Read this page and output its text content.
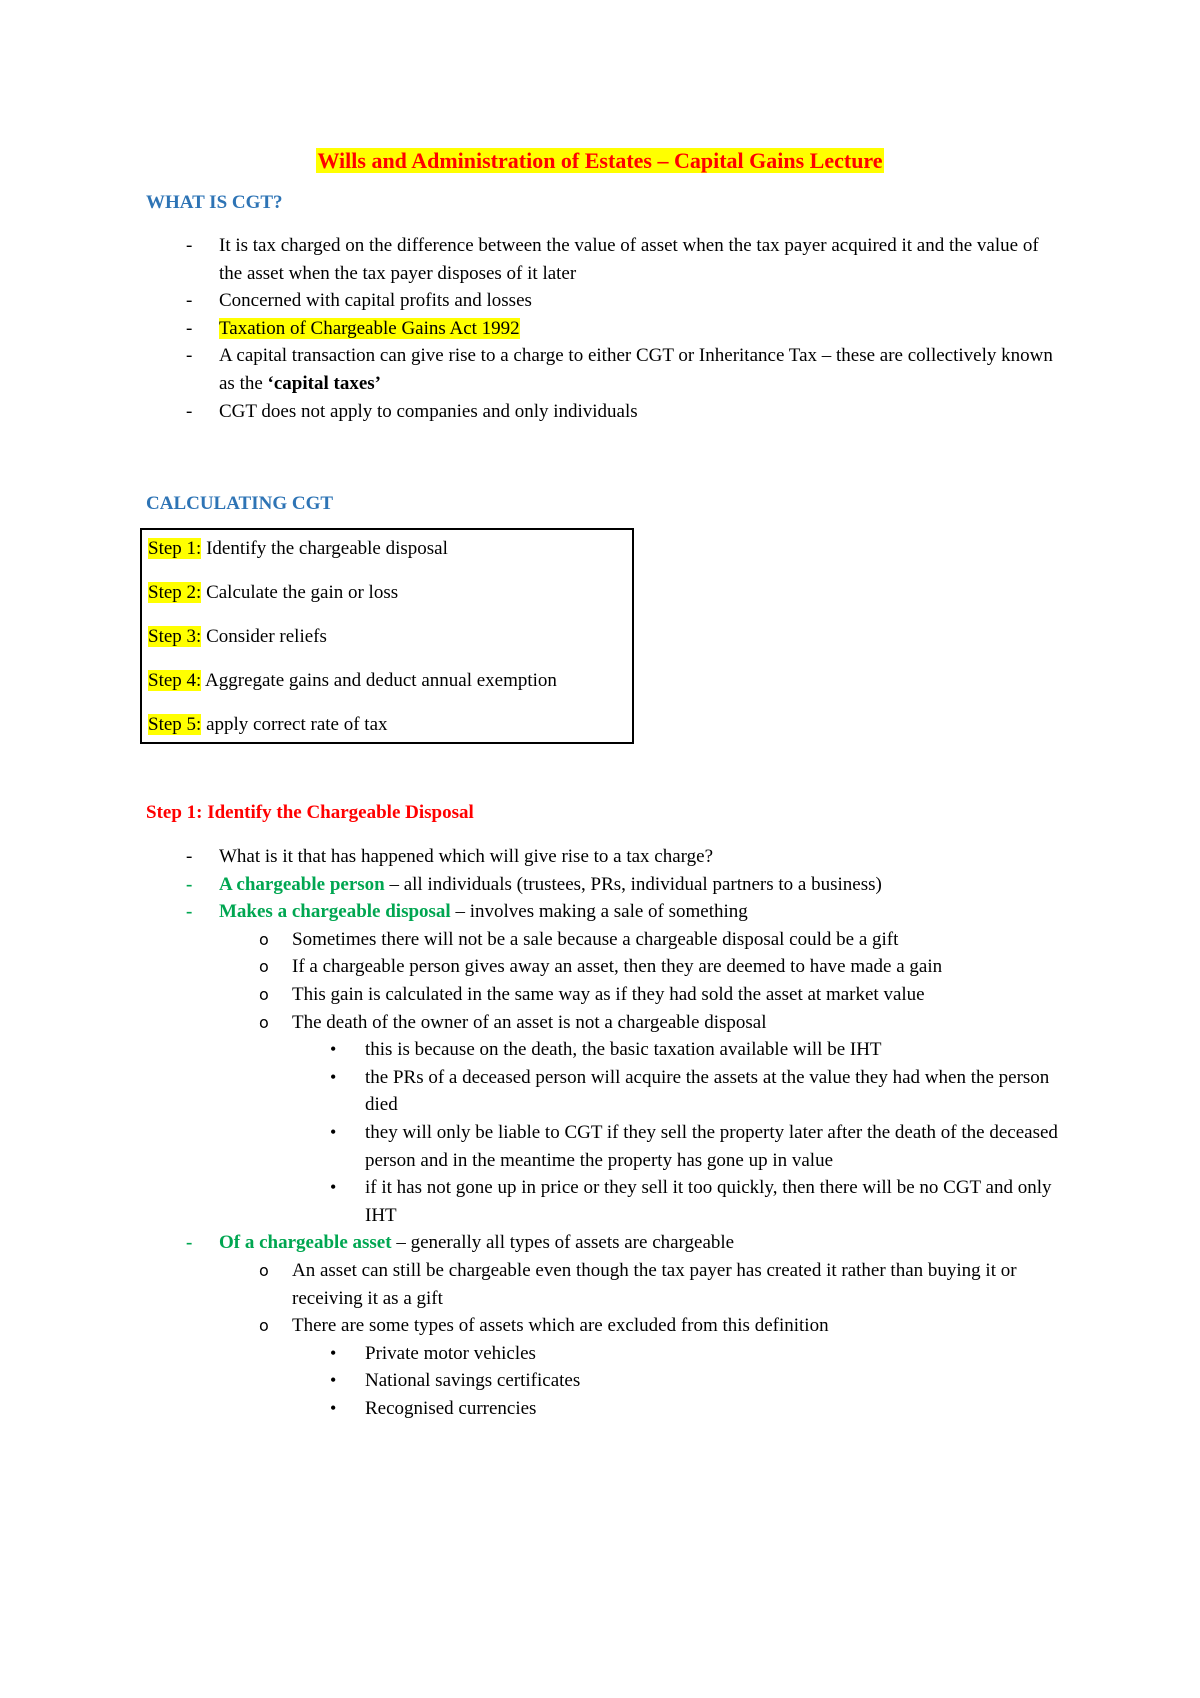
Wills and Administration of Estates – Capital Gains Lecture
WHAT IS CGT?
- It is tax charged on the difference between the value of asset when the tax payer acquired it and the value of the asset when the tax payer disposes of it later
- Concerned with capital profits and losses
- Taxation of Chargeable Gains Act 1992
- A capital transaction can give rise to a charge to either CGT or Inheritance Tax – these are collectively known as the ‘capital taxes’
- CGT does not apply to companies and only individuals
CALCULATING CGT
Step 1: Identify the chargeable disposal
Step 2: Calculate the gain or loss
Step 3: Consider reliefs
Step 4: Aggregate gains and deduct annual exemption
Step 5: apply correct rate of tax
Step 1: Identify the Chargeable Disposal
- What is it that has happened which will give rise to a tax charge?
- A chargeable person – all individuals (trustees, PRs, individual partners to a business)
- Makes a chargeable disposal – involves making a sale of something
o Sometimes there will not be a sale because a chargeable disposal could be a gift
o If a chargeable person gives away an asset, then they are deemed to have made a gain
o This gain is calculated in the same way as if they had sold the asset at market value
o The death of the owner of an asset is not a chargeable disposal
• this is because on the death, the basic taxation available will be IHT
• the PRs of a deceased person will acquire the assets at the value they had when the person died
• they will only be liable to CGT if they sell the property later after the death of the deceased person and in the meantime the property has gone up in value
• if it has not gone up in price or they sell it too quickly, then there will be no CGT and only IHT
- Of a chargeable asset – generally all types of assets are chargeable
o An asset can still be chargeable even though the tax payer has created it rather than buying it or receiving it as a gift
o There are some types of assets which are excluded from this definition
• Private motor vehicles
• National savings certificates
• Recognised currencies
